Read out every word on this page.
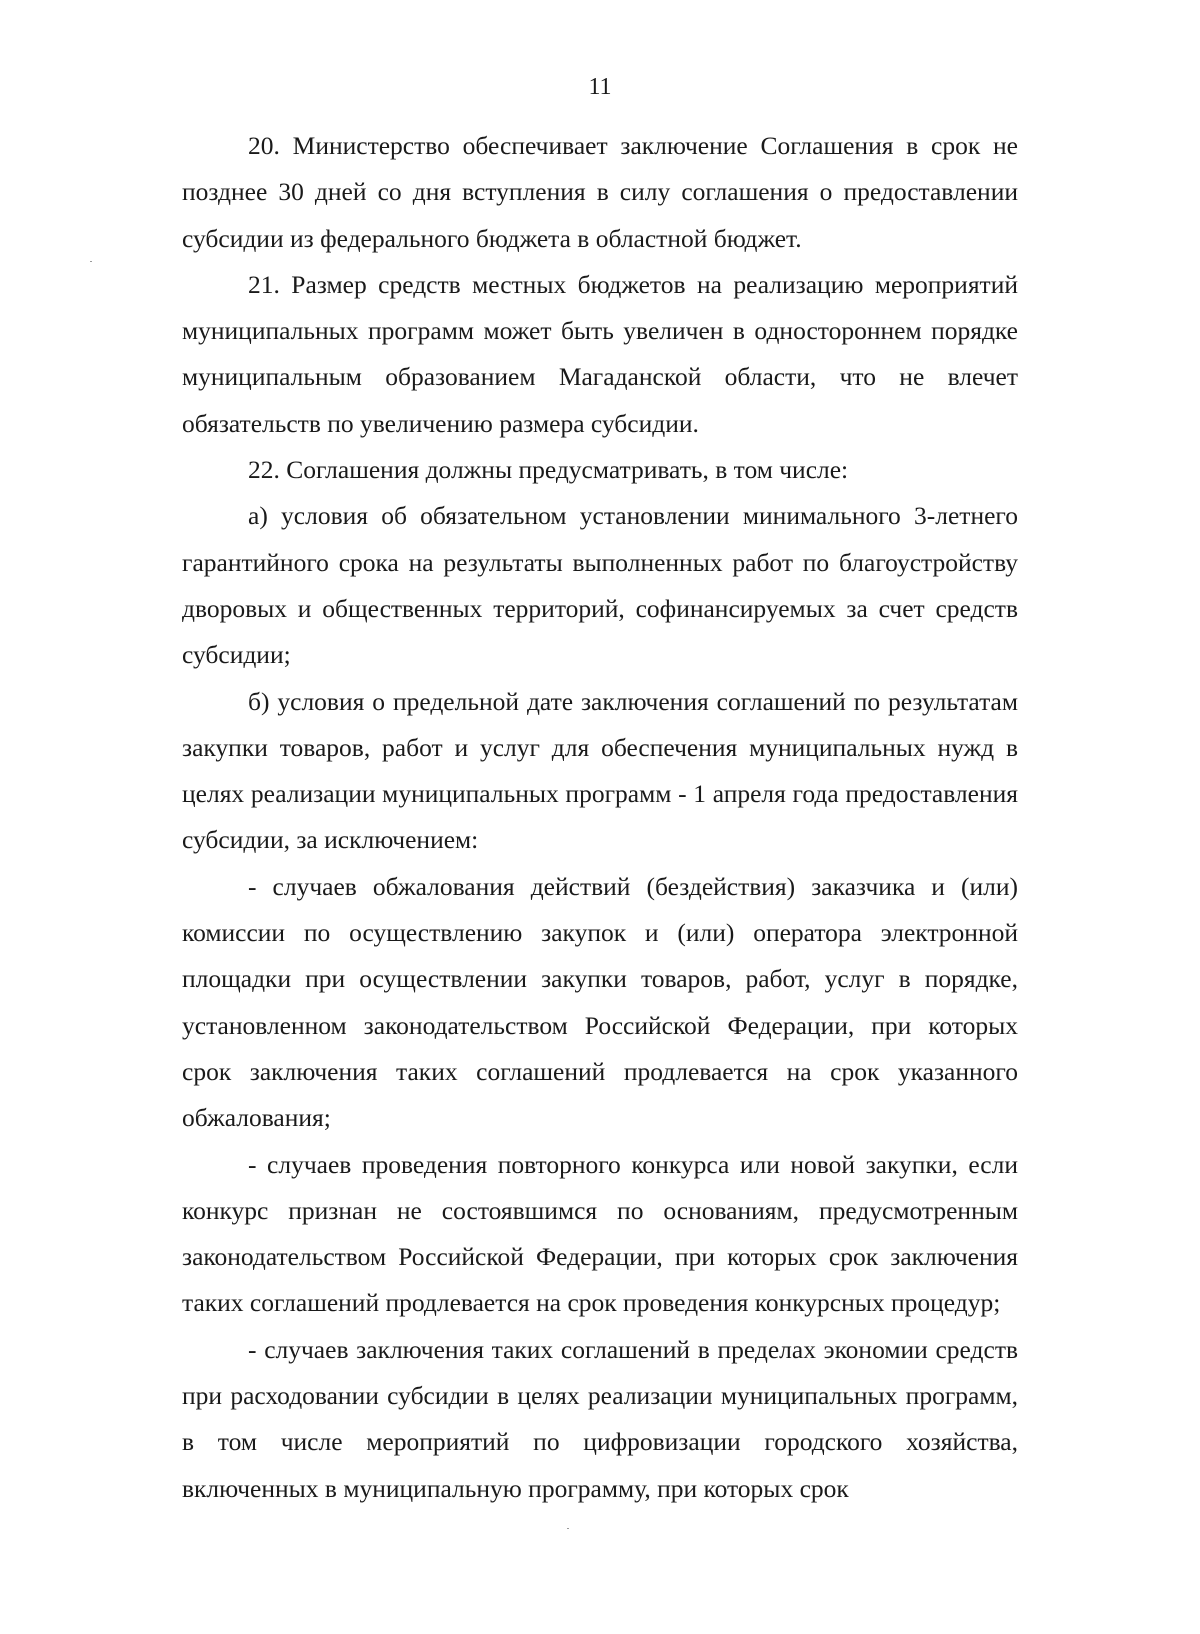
11

20. Министерство обеспечивает заключение Соглашения в срок не позднее 30 дней со дня вступления в силу соглашения о предоставлении субсидии из федерального бюджета в областной бюджет.

21. Размер средств местных бюджетов на реализацию мероприятий муниципальных программ может быть увеличен в одностороннем порядке муниципальным образованием Магаданской области, что не влечет обязательств по увеличению размера субсидии.

22. Соглашения должны предусматривать, в том числе:

а) условия об обязательном установлении минимального 3-летнего гарантийного срока на результаты выполненных работ по благоустройству дворовых и общественных территорий, софинансируемых за счет средств субсидии;

б) условия о предельной дате заключения соглашений по результатам закупки товаров, работ и услуг для обеспечения муниципальных нужд в целях реализации муниципальных программ - 1 апреля года предоставления субсидии, за исключением:

- случаев обжалования действий (бездействия) заказчика и (или) комиссии по осуществлению закупок и (или) оператора электронной площадки при осуществлении закупки товаров, работ, услуг в порядке, установленном законодательством Российской Федерации, при которых срок заключения таких соглашений продлевается на срок указанного обжалования;

- случаев проведения повторного конкурса или новой закупки, если конкурс признан не состоявшимся по основаниям, предусмотренным законодательством Российской Федерации, при которых срок заключения таких соглашений продлевается на срок проведения конкурсных процедур;

- случаев заключения таких соглашений в пределах экономии средств при расходовании субсидии в целях реализации муниципальных программ, в том числе мероприятий по цифровизации городского хозяйства, включенных в муниципальную программу, при которых срок
